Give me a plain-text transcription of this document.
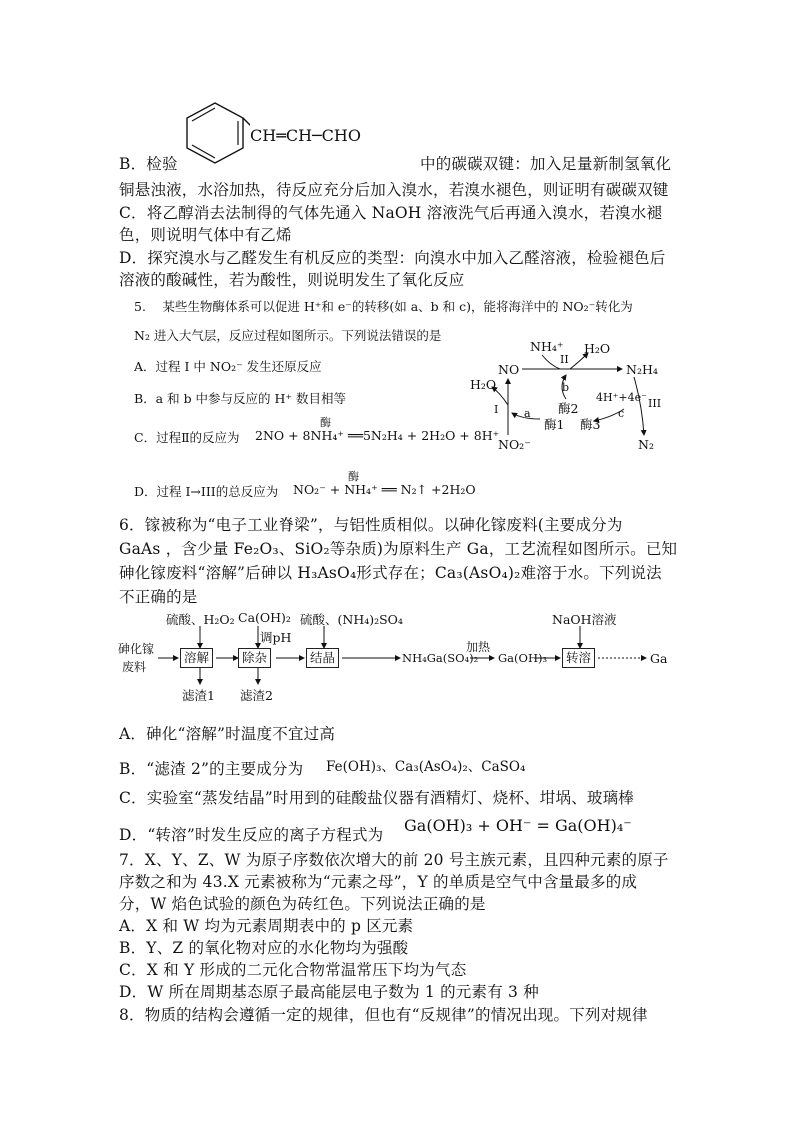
CH═CH─CHO
B．检验	中的碳碳双键：加入足量新制氢氧化
铜悬浊液，水浴加热，待反应充分后加入溴水，若溴水褪色，则证明有碳碳双键
C．将乙醇消去法制得的气体先通入 NaOH 溶液洗气后再通入溴水，若溴水褪
色，则说明气体中有乙烯
D．探究溴水与乙醛发生有机反应的类型：向溴水中加入乙醛溶液，检验褪色后
溶液的酸碱性，若为酸性，则说明发生了氧化反应
5.　 某些生物酶体系可以促进 H⁺和 e⁻的转移(如 a、b 和 c)，能将海洋中的 NO₂⁻转化为
N₂ 进入大气层，反应过程如图所示。下列说法错误的是
A．过程 I 中 NO₂⁻ 发生还原反应
B．a 和 b 中参与反应的 H⁺ 数目相等
C．过程Ⅱ的反应为
酶
2NO + 8NH₄⁺ ══5N₂H₄ + 2H₂O + 8H⁺
D．过程 I→III的总反应为
酶
NO₂⁻ + NH₄⁺ ══ N₂↑ +2H₂O
NO
NH₄⁺
II
H₂O
N₂H₄
H₂O	b
酶2
4H⁺+4e⁻ III
I a
酶1 酶3
c
NO₂⁻	N₂
6．镓被称为“电子工业脊梁”，与铝性质相似。以砷化镓废料(主要成分为
GaAs ，含少量 Fe₂O₃、SiO₂等杂质)为原料生产 Ga，工艺流程如图所示。已知
砷化镓废料“溶解”后砷以 H₃AsO₄形式存在；Ca₃(AsO₄)₂难溶于水。下列说法
不正确的是
砷化镓
废料
硫酸、H₂O₂ Ca(OH)₂
调pH
硫酸、(NH₄)₂SO₄	NaOH溶液
溶解	除杂	结晶	NH₄Ga(SO₄)₂
加热
Ga(OH)₃	转溶	Ga
滤渣1 滤渣2
A．砷化“溶解”时温度不宜过高
B．“滤渣 2”的主要成分为 Fe(OH)₃、Ca₃(AsO₄)₂、CaSO₄
C．实验室“蒸发结晶”时用到的硅酸盐仪器有酒精灯、烧杯、坩埚、玻璃棒
D．“转溶”时发生反应的离子方程式为 Ga(OH)₃ + OH⁻ = Ga(OH)₄⁻
7．X、Y、Z、W 为原子序数依次增大的前 20 号主族元素，且四种元素的原子
序数之和为 43.X 元素被称为“元素之母”，Y 的单质是空气中含量最多的成
分，W 焰色试验的颜色为砖红色。下列说法正确的是
A．X 和 W 均为元素周期表中的 p 区元素
B．Y、Z 的氧化物对应的水化物均为强酸
C．X 和 Y 形成的二元化合物常温常压下均为气态
D．W 所在周期基态原子最高能层电子数为 1 的元素有 3 种
8．物质的结构会遵循一定的规律，但也有“反规律”的情况出现。下列对规律
